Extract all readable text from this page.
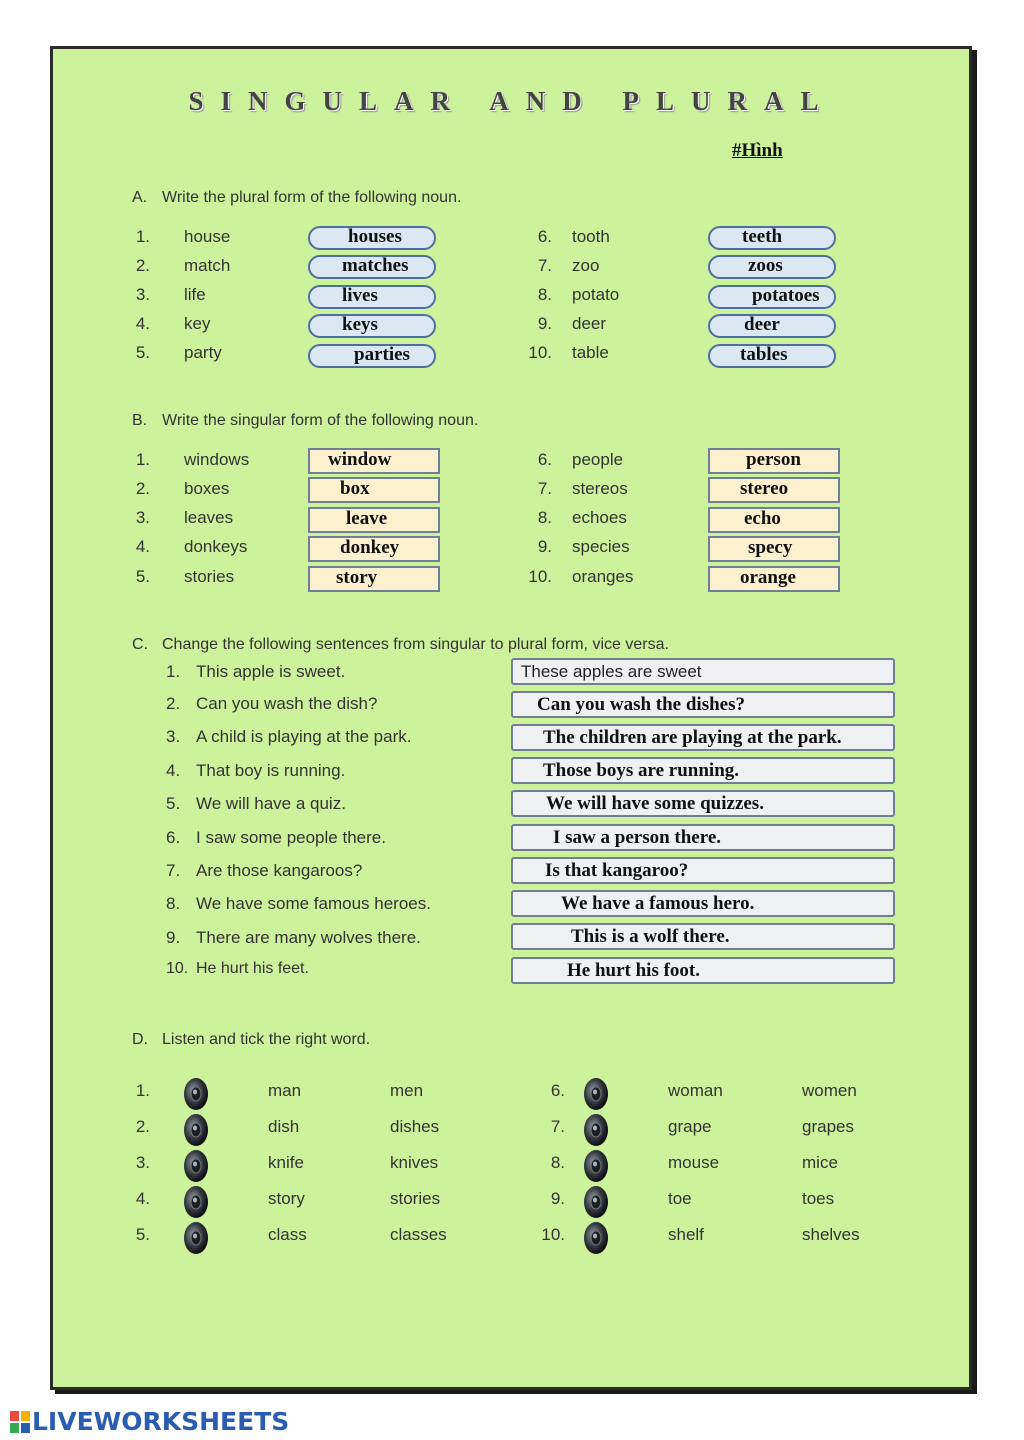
SINGULAR AND PLURAL
#Hình
A. Write the plural form of the following noun.
1. house	houses
2. match	matches
3. life	lives
4. key	keys
5. party	parties
6. tooth	teeth
7. zoo	zoos
8. potato	potatoes
9. deer	deer
10. table	tables
B. Write the singular form of the following noun.
1. windows	window
2. boxes	box
3. leaves	leave
4. donkeys	donkey
5. stories	story
6. people	person
7. stereos	stereo
8. echoes	echo
9. species	specy
10. oranges	orange
C. Change the following sentences from singular to plural form, vice versa.
1. This apple is sweet.	These apples are sweet
2. Can you wash the dish?	Can you wash the dishes?
3. A child is playing at the park.	The children are playing at the park.
4. That boy is running.	Those boys are running.
5. We will have a quiz.	We will have some quizzes.
6. I saw some people there.	I saw a person there.
7. Are those kangaroos?	Is that kangaroo?
8. We have some famous heroes.	We have a famous hero.
9. There are many wolves there.	This is a wolf there.
10. He hurt his feet.	He hurt his foot.
D. Listen and tick the right word.
1.	man	men
2.	dish	dishes
3.	knife	knives
4.	story	stories
5.	class	classes
6.	woman	women
7.	grape	grapes
8.	mouse	mice
9.	toe	toes
10.	shelf	shelves
LIVEWORKSHEETS
